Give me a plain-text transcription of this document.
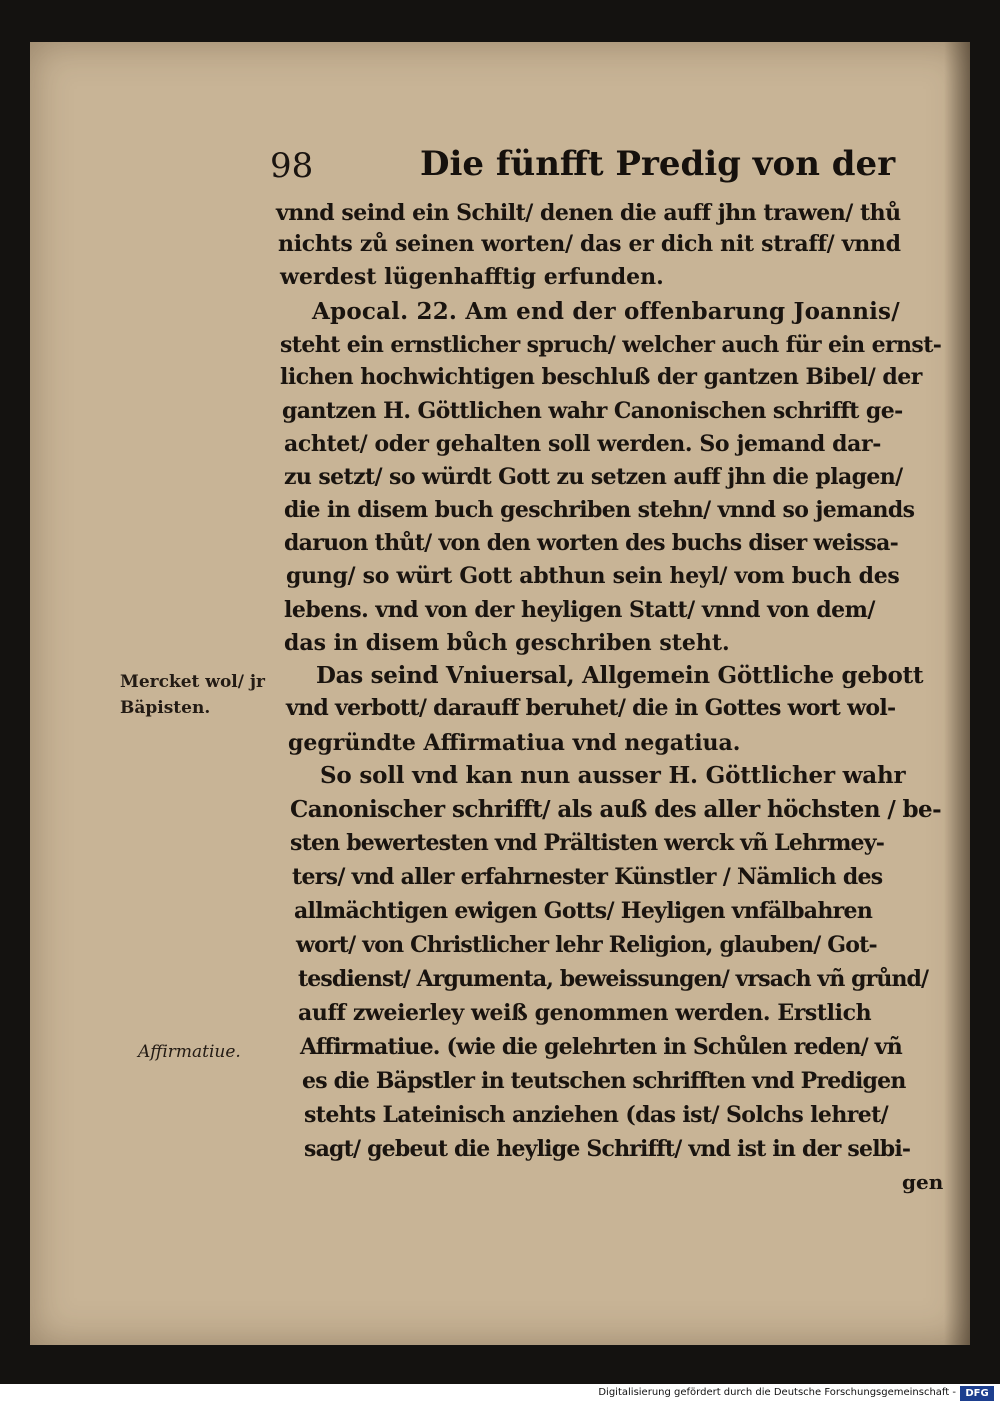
98	Die fünfft Predig von der
vnnd seind ein Schilt/ denen die auff jhn trawen/ thů
nichts zů seinen worten/ das er dich nit straff/ vnnd
werdest lügenhafftig erfunden.
Apocal. 22. Am end der offenbarung Joannis/
steht ein ernstlicher spruch/ welcher auch für ein ernst-
lichen hochwichtigen beschluß der gantzen Bibel/ der
gantzen H. Göttlichen wahr Canonischen schrifft ge-
achtet/ oder gehalten soll werden. So jemand dar-
zu setzt/ so würdt Gott zu setzen auff jhn die plagen/
die in disem buch geschriben stehn/ vnnd so jemands
daruon thůt/ von den worten des buchs diser weissa-
gung/ so würt Gott abthun sein heyl/ vom buch des
lebens. vnd von der heyligen Statt/ vnnd von dem/
das in disem bůch geschriben steht.
Das seind Vniuersal, Allgemein Göttliche gebott
vnd verbott/ darauff beruhet/ die in Gottes wort wol-
gegründte Affirmatiua vnd negatiua.
So soll vnd kan nun ausser H. Göttlicher wahr
Canonischer schrifft/ als auß des aller höchsten / be-
sten bewertesten vnd Prältisten werck vñ Lehrmey-
ters/ vnd aller erfahrnester Künstler / Nämlich des
allmächtigen ewigen Gotts/ Heyligen vnfälbahren
wort/ von Christlicher lehr Religion, glauben/ Got-
tesdienst/ Argumenta, beweissungen/ vrsach vñ grůnd/
auff zweierley weiß genommen werden. Erstlich
Affirmatiue. (wie die gelehrten in Schůlen reden/ vñ
es die Bäpstler in teutschen schrifften vnd Predigen
stehts Lateinisch anziehen (das ist/ Solchs lehret/
sagt/ gebeut die heylige Schrifft/ vnd ist in der selbi-
gen
Mercket wol/ jr
Bäpisten.
Affirmatiue.
Digitalisierung gefördert durch die Deutsche Forschungsgemeinschaft - DFG
